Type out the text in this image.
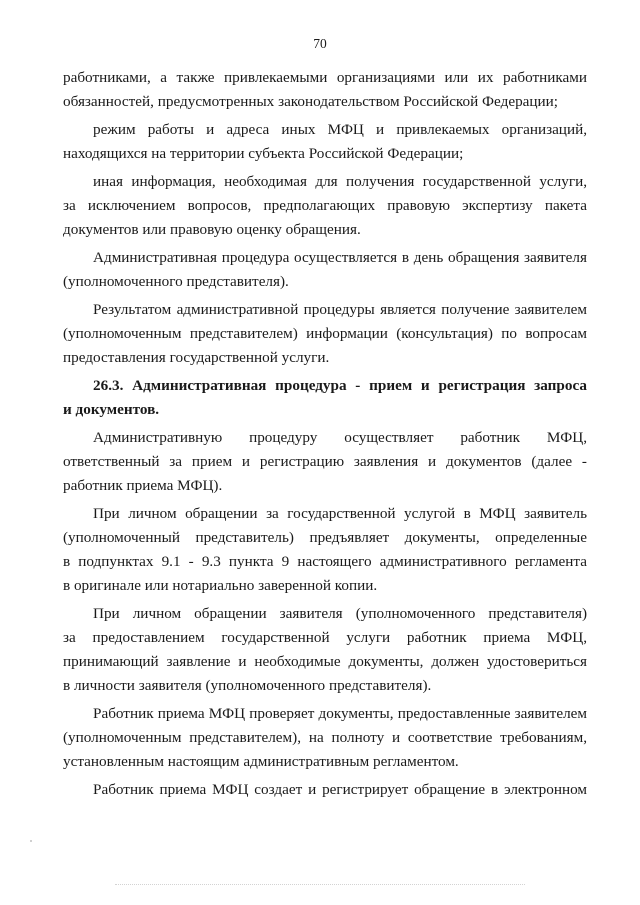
70
работниками, а также привлекаемыми организациями или их работниками
обязанностей, предусмотренных законодательством Российской Федерации;
режим работы и адреса иных МФЦ и привлекаемых организаций,
находящихся на территории субъекта Российской Федерации;
иная информация, необходимая для получения государственной услуги,
за исключением вопросов, предполагающих правовую экспертизу пакета
документов или правовую оценку обращения.
Административная процедура осуществляется в день обращения заявителя
(уполномоченного представителя).
Результатом административной процедуры является получение заявителем
(уполномоченным представителем) информации (консультация) по вопросам
предоставления государственной услуги.
26.3. Административная процедура - прием и регистрация запроса
и документов.
Административную процедуру осуществляет работник МФЦ,
ответственный за прием и регистрацию заявления и документов (далее -
работник приема МФЦ).
При личном обращении за государственной услугой в МФЦ заявитель
(уполномоченный представитель) предъявляет документы, определенные
в подпунктах 9.1 - 9.3 пункта 9 настоящего административного регламента
в оригинале или нотариально заверенной копии.
При личном обращении заявителя (уполномоченного представителя)
за предоставлением государственной услуги работник приема МФЦ,
принимающий заявление и необходимые документы, должен удостовериться
в личности заявителя (уполномоченного представителя).
Работник приема МФЦ проверяет документы, предоставленные заявителем
(уполномоченным представителем), на полноту и соответствие требованиям,
установленным настоящим административным регламентом.
Работник приема МФЦ создает и регистрирует обращение в электронном
